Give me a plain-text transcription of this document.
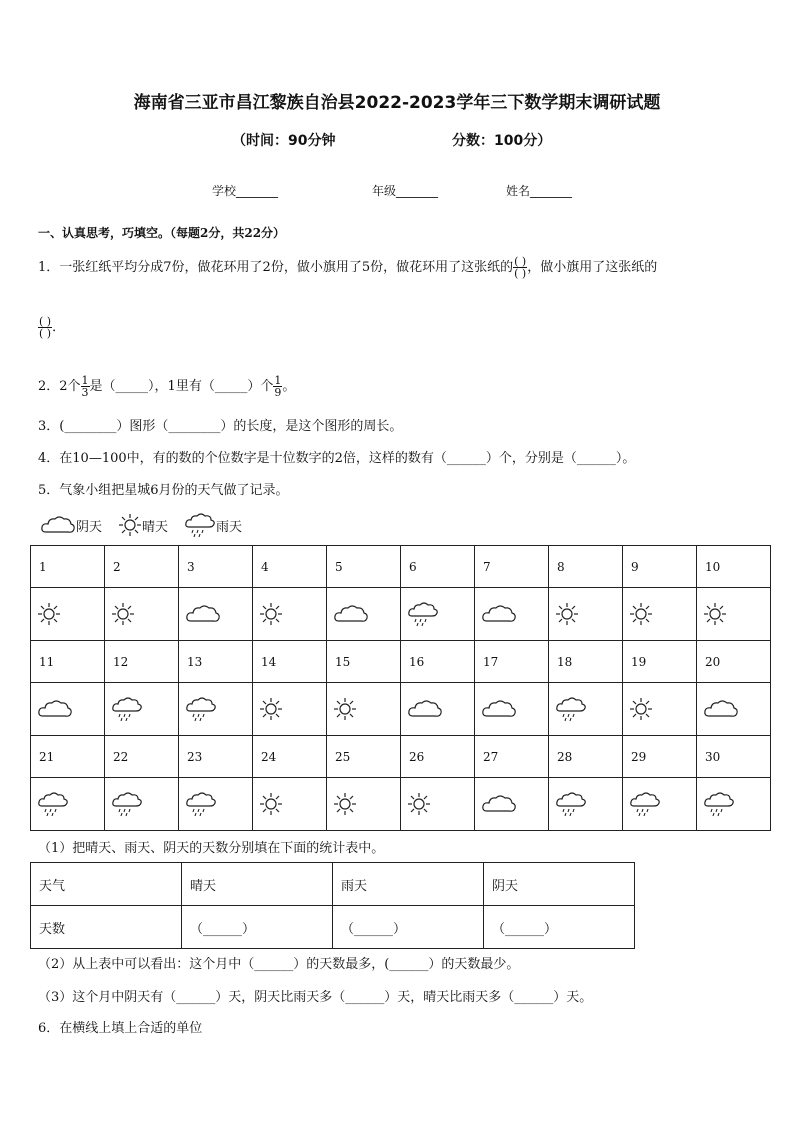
海南省三亚市昌江黎族自治县2022-2023学年三下数学期末调研试题
（时间：90分钟	分数：100分）
学校_______	年级_______	姓名_______
一、认真思考，巧填空。（每题2分，共22分）
1．一张红纸平均分成7份，做花环用了2份，做小旗用了5份，做花环用了这张纸的 $\frac{( )}{( )}$ ，做小旗用了这张纸的
$\frac{( )}{( )}$ ．
2．2个 $\frac{1}{3}$ 是（_____），1里有（_____）个 $\frac{1}{9}$ 。
3．(________）图形（________）的长度，是这个图形的周长。
4．在10—100中，有的数的个位数字是十位数字的2倍，这样的数有（______）个，分别是（______）。
5．气象小组把星城6月份的天气做了记录。
阴天	晴天	雨天
1	2	3	4	5	6	7	8	9	10

11	12	13	14	15	16	17	18	19	20

21	22	23	24	25	26	27	28	29	30

（1）把晴天、雨天、阴天的天数分别填在下面的统计表中。
天气	晴天	雨天	阴天
天数	（______）	（______）	（______）
（2）从上表中可以看出：这个月中（______）的天数最多，(______）的天数最少。
（3）这个月中阴天有（______）天，阴天比雨天多（______）天，晴天比雨天多（______）天。
6．在横线上填上合适的单位
